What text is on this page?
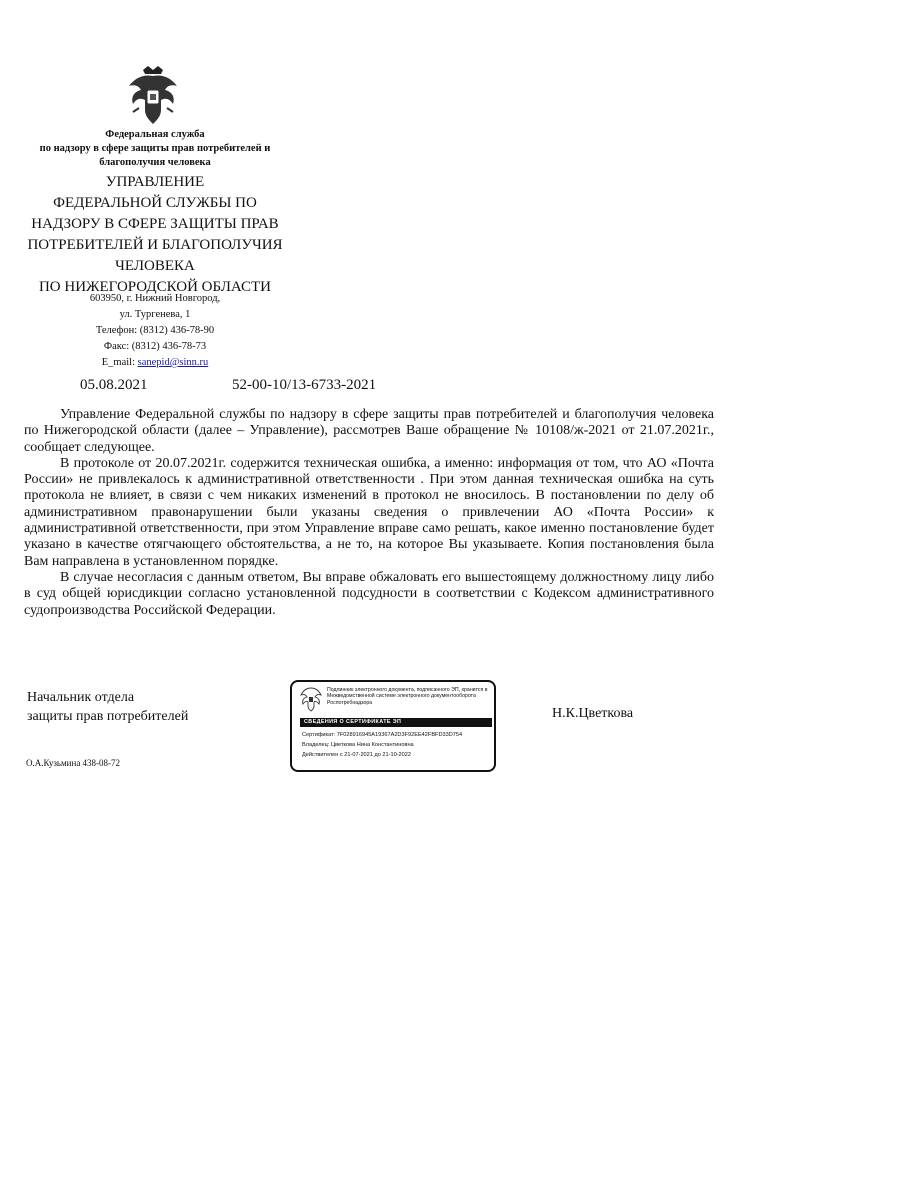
Федеральная служба
по надзору в сфере защиты прав потребителей и
благополучия человека
УПРАВЛЕНИЕ
ФЕДЕРАЛЬНОЙ СЛУЖБЫ ПО
НАДЗОРУ В СФЕРЕ ЗАЩИТЫ ПРАВ
ПОТРЕБИТЕЛЕЙ И БЛАГОПОЛУЧИЯ
ЧЕЛОВЕКА
ПО НИЖЕГОРОДСКОЙ ОБЛАСТИ
603950, г. Нижний Новгород,
ул. Тургенева, 1
Телефон: (8312) 436-78-90
Факс: (8312) 436-78-73
E_mail: sanepid@sinn.ru
05.08.2021	52-00-10/13-6733-2021

Управление Федеральной службы по надзору в сфере защиты прав потребителей и благополучия человека по Нижегородской области (далее – Управление), рассмотрев Ваше обращение № 10108/ж-2021 от 21.07.2021г., сообщает следующее.

В протоколе от 20.07.2021г. содержится техническая ошибка, а именно: информация от том, что АО «Почта России» не привлекалось к административной ответственности . При этом данная техническая ошибка на суть протокола не влияет, в связи с чем никаких изменений в протокол не вносилось. В постановлении по делу об административном правонарушении были указаны сведения о привлечении АО «Почта России» к административной ответственности, при этом Управление вправе само решать, какое именно постановление будет указано в качестве отягчающего обстоятельства, а не то, на которое Вы указываете. Копия постановления была Вам направлена в установленном порядке.

В случае несогласия с данным ответом, Вы вправе обжаловать его вышестоящему должностному лицу либо в суд общей юрисдикции согласно установленной подсудности в соответствии с Кодексом административного судопроизводства Российской Федерации.

Начальник отдела
защиты прав потребителей
Подлинник электронного документа, подписанного ЭП, хранится в Межведомственной системе электронного документооборота Роспотребнадзора
СВЕДЕНИЯ О СЕРТИФИКАТЕ ЭП
Сертификат: 7F028916945A19367A2D3F92EE42FBFD33D754
Владелец: Цветкова Нина Константиновна
Действителен с 21-07-2021 до 21-10-2022
Н.К.Цветкова
О.А.Кузьмина 438-08-72
